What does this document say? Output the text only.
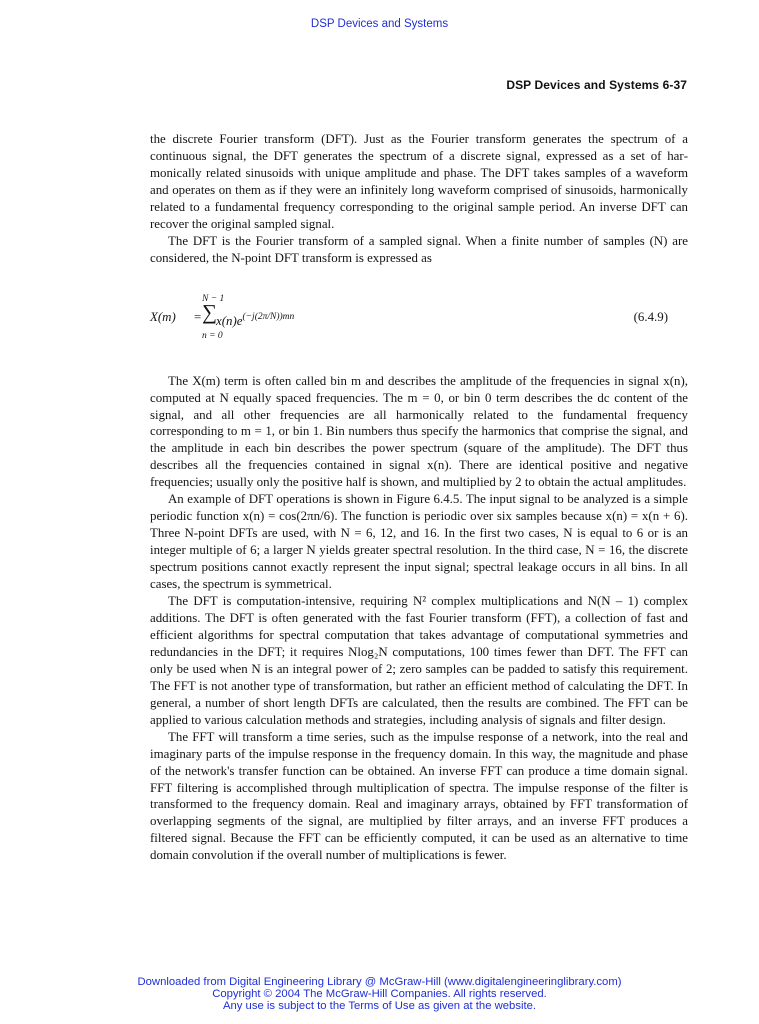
DSP Devices and Systems
DSP Devices and Systems 6-37

the discrete Fourier transform (DFT). Just as the Fourier transform generates the spectrum of a continuous signal, the DFT generates the spectrum of a discrete signal, expressed as a set of harmonically related sinusoids with unique amplitude and phase. The DFT takes samples of a waveform and operates on them as if they were an infinitely long waveform comprised of sinusoids, harmonically related to a fundamental frequency corresponding to the original sample period. An inverse DFT can recover the original sampled signal.

The DFT is the Fourier transform of a sampled signal. When a finite number of samples (N) are considered, the N-point DFT transform is expressed as

X(m) =
N − 1
∑
n = 0
$x(n)e^{(-j(2\pi/N))mn}$	(6.4.9)

The X(m) term is often called bin m and describes the amplitude of the frequencies in signal x(n), computed at N equally spaced frequencies. The m = 0, or bin 0 term describes the dc content of the signal, and all other frequencies are all harmonically related to the fundamental frequency corresponding to m = 1, or bin 1. Bin numbers thus specify the harmonics that comprise the signal, and the amplitude in each bin describes the power spectrum (square of the amplitude). The DFT thus describes all the frequencies contained in signal x(n). There are identical positive and negative frequencies; usually only the positive half is shown, and multiplied by 2 to obtain the actual amplitudes.

An example of DFT operations is shown in Figure 6.4.5. The input signal to be analyzed is a simple periodic function x(n) = cos(2πn/6). The function is periodic over six samples because x(n) = x(n + 6). Three N-point DFTs are used, with N = 6, 12, and 16. In the first two cases, N is equal to 6 or is an integer multiple of 6; a larger N yields greater spectral resolution. In the third case, N = 16, the discrete spectrum positions cannot exactly represent the input signal; spectral leakage occurs in all bins. In all cases, the spectrum is symmetrical.

The DFT is computation-intensive, requiring N² complex multiplications and N(N – 1) complex additions. The DFT is often generated with the fast Fourier transform (FFT), a collection of fast and efficient algorithms for spectral computation that takes advantage of computational symmetries and redundancies in the DFT; it requires Nlog₂N computations, 100 times fewer than DFT. The FFT can only be used when N is an integral power of 2; zero samples can be padded to satisfy this requirement. The FFT is not another type of transformation, but rather an efficient method of calculating the DFT. In general, a number of short length DFTs are calculated, then the results are combined. The FFT can be applied to various calculation methods and strategies, including analysis of signals and filter design.

The FFT will transform a time series, such as the impulse response of a network, into the real and imaginary parts of the impulse response in the frequency domain. In this way, the magnitude and phase of the network's transfer function can be obtained. An inverse FFT can produce a time domain signal. FFT filtering is accomplished through multiplication of spectra. The impulse response of the filter is transformed to the frequency domain. Real and imaginary arrays, obtained by FFT transformation of overlapping segments of the signal, are multiplied by filter arrays, and an inverse FFT produces a filtered signal. Because the FFT can be efficiently computed, it can be used as an alternative to time domain convolution if the overall number of multiplications is fewer.

Downloaded from Digital Engineering Library @ McGraw-Hill (www.digitalengineeringlibrary.com)
Copyright © 2004 The McGraw-Hill Companies. All rights reserved.
Any use is subject to the Terms of Use as given at the website.
